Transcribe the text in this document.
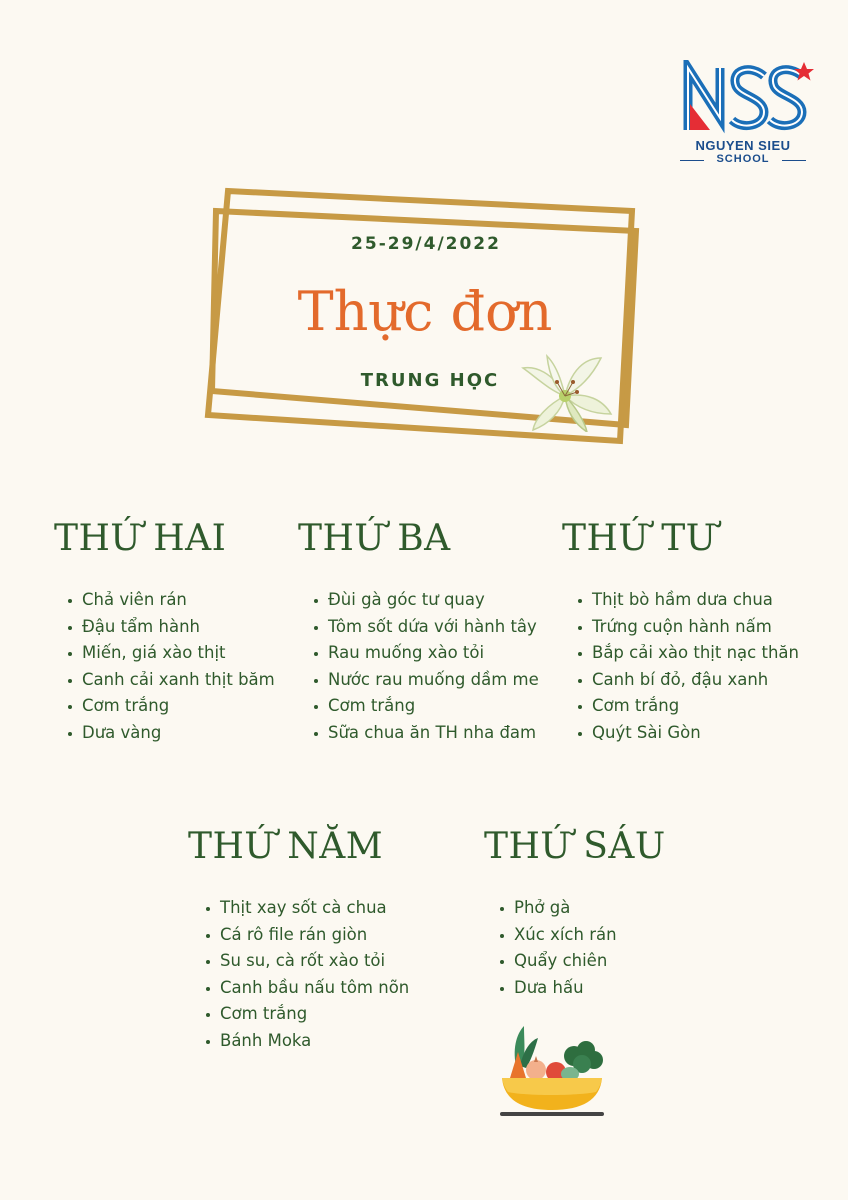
NGUYEN SIEU
SCHOOL
25-29/4/2022
Thực đơn
TRUNG HỌC
THỨ HAI
Chả viên rán
Đậu tẩm hành
Miến, giá xào thịt
Canh cải xanh thịt băm
Cơm trắng
Dưa vàng
THỨ BA
Đùi gà góc tư quay
Tôm sốt dứa với hành tây
Rau muống xào tỏi
Nước rau muống dầm me
Cơm trắng
Sữa chua ăn TH nha đam
THỨ TƯ
Thịt bò hầm dưa chua
Trứng cuộn hành nấm
Bắp cải xào thịt nạc thăn
Canh bí đỏ, đậu xanh
Cơm trắng
Quýt Sài Gòn
THỨ NĂM
Thịt xay sốt cà chua
Cá rô file rán giòn
Su su, cà rốt xào tỏi
Canh bầu nấu tôm nõn
Cơm trắng
Bánh Moka
THỨ SÁU
Phở gà
Xúc xích rán
Quẩy chiên
Dưa hấu
